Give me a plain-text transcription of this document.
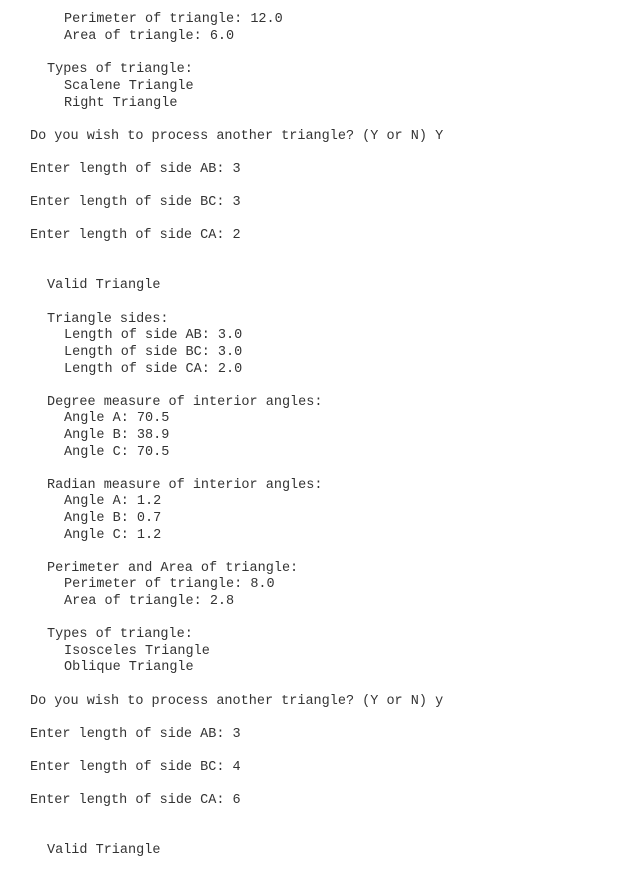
Perimeter of triangle: 12.0
Area of triangle: 6.0
Types of triangle:
Scalene Triangle
Right Triangle
Do you wish to process another triangle? (Y or N) Y
Enter length of side AB: 3
Enter length of side BC: 3
Enter length of side CA: 2
Valid Triangle
Triangle sides:
Length of side AB: 3.0
Length of side BC: 3.0
Length of side CA: 2.0
Degree measure of interior angles:
Angle A: 70.5
Angle B: 38.9
Angle C: 70.5
Radian measure of interior angles:
Angle A: 1.2
Angle B: 0.7
Angle C: 1.2
Perimeter and Area of triangle:
Perimeter of triangle: 8.0
Area of triangle: 2.8
Types of triangle:
Isosceles Triangle
Oblique Triangle
Do you wish to process another triangle? (Y or N) y
Enter length of side AB: 3
Enter length of side BC: 4
Enter length of side CA: 6
Valid Triangle
